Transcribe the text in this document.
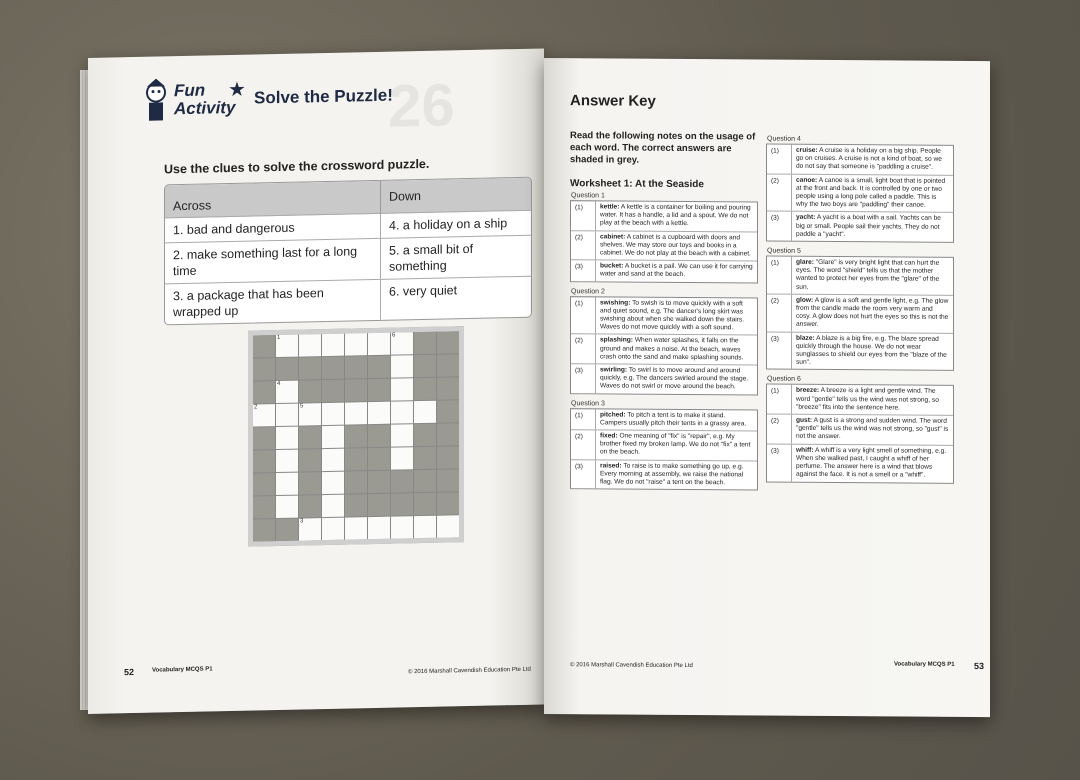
Fun
Activity
★ Solve the Puzzle!
26
Use the clues to solve the crossword puzzle.
Across	Down
1. bad and dangerous	4. a holiday on a ship
2. make something last for a long time	5. a small bit of something
3. a package that has been wrapped up	6. very quiet
1	6
4
2	5
3
52	Vocabulary MCQS P1	© 2016 Marshall Cavendish Education Pte Ltd
Answer Key
Read the following notes on the usage of each word. The correct answers are shaded in grey.
Worksheet 1: At the Seaside
Question 1
(1)	kettle: A kettle is a container for boiling and pouring water. It has a handle, a lid and a spout. We do not play at the beach with a kettle.
(2)	cabinet: A cabinet is a cupboard with doors and shelves. We may store our toys and books in a cabinet. We do not play at the beach with a cabinet.
(3)	bucket: A bucket is a pail. We can use it for carrying water and sand at the beach.
Question 2
(1)	swishing: To swish is to move quickly with a soft and quiet sound, e.g. The dancer's long skirt was swishing about when she walked down the stairs. Waves do not move quickly with a soft sound.
(2)	splashing: When water splashes, it falls on the ground and makes a noise. At the beach, waves crash onto the sand and make splashing sounds.
(3)	swirling: To swirl is to move around and around quickly, e.g. The dancers swirled around the stage. Waves do not swirl or move around the beach.
Question 3
(1)	pitched: To pitch a tent is to make it stand. Campers usually pitch their tents in a grassy area.
(2)	fixed: One meaning of "fix" is "repair", e.g. My brother fixed my broken lamp. We do not "fix" a tent on the beach.
(3)	raised: To raise is to make something go up, e.g. Every morning at assembly, we raise the national flag. We do not "raise" a tent on the beach.
Question 4
(1)	cruise: A cruise is a holiday on a big ship. People go on cruises. A cruise is not a kind of boat, so we do not say that someone is "paddling a cruise".
(2)	canoe: A canoe is a small, light boat that is pointed at the front and back. It is controlled by one or two people using a long pole called a paddle. This is why the two boys are "paddling" their canoe.
(3)	yacht: A yacht is a boat with a sail. Yachts can be big or small. People sail their yachts. They do not paddle a "yacht".
Question 5
(1)	glare: "Glare" is very bright light that can hurt the eyes. The word "shield" tells us that the mother wanted to protect her eyes from the "glare" of the sun.
(2)	glow: A glow is a soft and gentle light, e.g. The glow from the candle made the room very warm and cosy. A glow does not hurt the eyes so this is not the answer.
(3)	blaze: A blaze is a big fire, e.g. The blaze spread quickly through the house. We do not wear sunglasses to shield our eyes from the "blaze of the sun".
Question 6
(1)	breeze: A breeze is a light and gentle wind. The word "gentle" tells us the wind was not strong, so "breeze" fits into the sentence here.
(2)	gust: A gust is a strong and sudden wind. The word "gentle" tells us the wind was not strong, so "gust" is not the answer.
(3)	whiff: A whiff is a very light smell of something, e.g. When she walked past, I caught a whiff of her perfume. The answer here is a wind that blows against the face. It is not a smell or a "whiff".
© 2016 Marshall Cavendish Education Pte Ltd	Vocabulary MCQS P1 53
